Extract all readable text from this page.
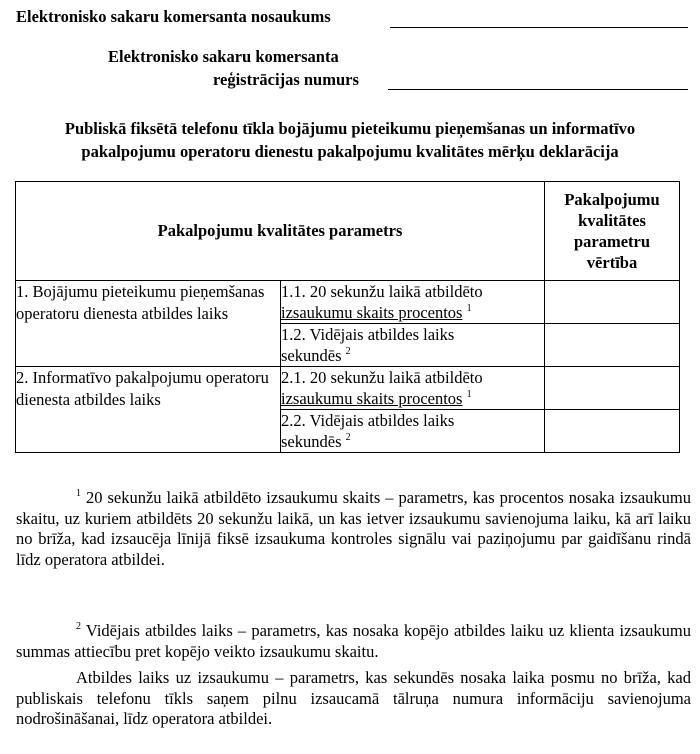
Elektronisko sakaru komersanta nosaukums
Elektronisko sakaru komersanta
reģistrācijas numurs
Publiskā fiksētā telefonu tīkla bojājumu pieteikumu pieņemšanas un informatīvo
pakalpojumu operatoru dienestu pakalpojumu kvalitātes mērķu deklarācija
Pakalpojumu kvalitātes parametrs		Pakalpojumu
kvalitātes
parametru
vērtība

1. Bojājumu pieteikumu pieņemšanas operatoru dienesta atbildes laiks	1.1. 20 sekunžu laikā atbildēto
izsaukumu skaits procentos $^1$

	1.2. Vidējais atbildes laiks
sekundēs $^2$

2. Informatīvo pakalpojumu operatoru dienesta atbildes laiks	2.1. 20 sekunžu laikā atbildēto
izsaukumu skaits procentos $^1$

	2.2. Vidējais atbildes laiks
sekundēs $^2$

$^1$ 20 sekunžu laikā atbildēto izsaukumu skaits – parametrs, kas procentos nosaka izsaukumu skaitu, uz kuriem atbildēts 20 sekunžu laikā, un kas ietver izsaukumu savienojuma laiku, kā arī laiku no brīža, kad izsaucēja līnijā fiksē izsaukuma kontroles signālu vai paziņojumu par gaidīšanu rindā līdz operatora atbildei.
$^2$ Vidējais atbildes laiks – parametrs, kas nosaka kopējo atbildes laiku uz klienta izsaukumu summas attiecību pret kopējo veikto izsaukumu skaitu.
Atbildes laiks uz izsaukumu – parametrs, kas sekundēs nosaka laika posmu no brīža, kad publiskais telefonu tīkls saņem pilnu izsaucamā tālruņa numura informāciju savienojuma nodrošināšanai, līdz operatora atbildei.
